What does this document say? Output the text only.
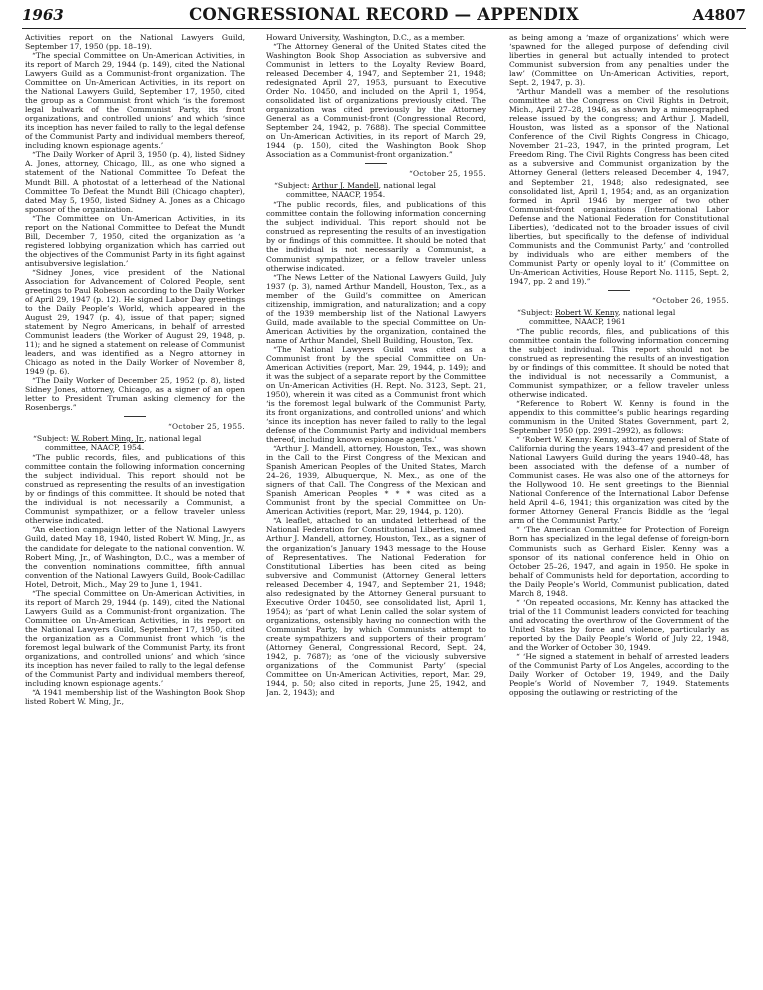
1963	CONGRESSIONAL RECORD — APPENDIX	A4807

Activities report on the National Lawyers Guild, September 17, 1950 (pp. 18–19).

“The special Committee on Un-American Activities, in its report of March 29, 1944 (p. 149), cited the National Lawyers Guild as a Communist-front organization. The Committee on Un-American Activities, in its report on the National Lawyers Guild, September 17, 1950, cited the group as a Communist front which ‘is the foremost legal bulwark of the Communist Party, its front organizations, and controlled unions’ and which ‘since its inception has never failed to rally to the legal defense of the Communist Party and individual members thereof, including known espionage agents.’

“The Daily Worker of April 3, 1950 (p. 4), listed Sidney A. Jones, attorney, Chicago, Ill., as one who signed a statement of the National Committee To Defeat the Mundt Bill. A photostat of a letterhead of the National Committee To Defeat the Mundt Bill (Chicago chapter), dated May 5, 1950, listed Sidney A. Jones as a Chicago sponsor of the organization.

“The Committee on Un-American Activities, in its report on the National Committee to Defeat the Mundt Bill, December 7, 1950, cited the organization as ‘a registered lobbying organization which has carried out the objectives of the Communist Party in its fight against antisubversive legislation.’

“Sidney Jones, vice president of the National Association for Advancement of Colored People, sent greetings to Paul Robeson according to the Daily Worker of April 29, 1947 (p. 12). He signed Labor Day greetings to the Daily People’s World, which appeared in the August 29, 1947 (p. 4), issue of that paper; signed statement by Negro Americans, in behalf of arrested Communist leaders (the Worker of August 29, 1948, p. 11); and he signed a statement on release of Communist leaders, and was identified as a Negro attorney in Chicago as noted in the Daily Worker of November 8, 1949 (p. 6).

“The Daily Worker of December 25, 1952 (p. 8), listed Sidney Jones, attorney, Chicago, as a signer of an open letter to President Truman asking clemency for the Rosenbergs.”

“October 25, 1955.

“Subject: W. Robert Ming, Jr., national legal
committee, NAACP, 1954.

“The public records, files, and publications of this committee contain the following information concerning the subject individual. This report should not be construed as representing the results of an investigation by or findings of this committee. It should be noted that the individual is not necessarily a Communist, a Communist sympathizer, or a fellow traveler unless otherwise indicated.

“An election campaign letter of the National Lawyers Guild, dated May 18, 1940, listed Robert W. Ming, Jr., as the candidate for delegate to the national convention. W. Robert Ming, Jr., of Washington, D.C., was a member of the convention nominations committee, fifth annual convention of the National Lawyers Guild, Book-Cadillac Hotel, Detroit, Mich., May 29 to June 1, 1941.

“The special Committee on Un-American Activities, in its report of March 29, 1944 (p. 149), cited the National Lawyers Guild as a Communist-front organization. The Committee on Un-American Activities, in its report on the National Lawyers Guild, September 17, 1950, cited the organization as a Communist front which ‘is the foremost legal bulwark of the Communist Party, its front organizations, and controlled unions’ and which ‘since its inception has never failed to rally to the legal defense of the Communist Party and individual members thereof, including known espionage agents.’

“A 1941 membership list of the Washington Book Shop listed Robert W. Ming, Jr.,

Howard University, Washington, D.C., as a member.

“The Attorney General of the United States cited the Washington Book Shop Association as subversive and Communist in letters to the Loyalty Review Board, released December 4, 1947, and September 21, 1948; redesignated April 27, 1953, pursuant to Executive Order No. 10450, and included on the April 1, 1954, consolidated list of organizations previously cited. The organization was cited previously by the Attorney General as a Communist-front (Congressional Record, September 24, 1942, p. 7688). The special Committee on Un-American Activities, in its report of March 29, 1944 (p. 150), cited the Washington Book Shop Association as a Communist-front organization.”

“October 25, 1955.

“Subject: Arthur J. Mandell, national legal
committee, NAACP, 1954.

“The public records, files, and publications of this committee contain the following information concerning the subject individual. This report should not be construed as representing the results of an investigation by or findings of this committee. It should be noted that the individual is not necessarily a Communist, a Communist sympathizer, or a fellow traveler unless otherwise indicated.

“The News Letter of the National Lawyers Guild, July 1937 (p. 3), named Arthur Mandell, Houston, Tex., as a member of the Guild’s committee on American citizenship, immigration, and naturalization; and a copy of the 1939 membership list of the National Lawyers Guild, made available to the special Committee on Un-American Activities by the organization, contained the name of Arthur Mandel, Shell Building, Houston, Tex.

“The National Lawyers Guild was cited as a Communist front by the special Committee on Un-American Activities (report, Mar. 29, 1944, p. 149); and it was the subject of a separate report by the Committee on Un-American Activities (H. Rept. No. 3123, Sept. 21, 1950), wherein it was cited as a Communist front which ‘is the foremost legal bulwark of the Communist Party, its front organizations, and controlled unions’ and which ‘since its inception has never failed to rally to the legal defense of the Communist Party and individual members thereof, including known espionage agents.’

“Arthur J. Mandell, attorney, Houston, Tex., was shown in the Call to the First Congress of the Mexican and Spanish American Peoples of the United States, March 24–26, 1939, Albuquerque, N. Mex., as one of the signers of that Call. The Congress of the Mexican and Spanish American Peoples * * * was cited as a Communist front by the special Committee on Un-American Activities (report, Mar. 29, 1944, p. 120).

“A leaflet, attached to an undated letterhead of the National Federation for Constitutional Liberties, named Arthur J. Mandell, attorney, Houston, Tex., as a signer of the organization’s January 1943 message to the House of Representatives. The National Federation for Constitutional Liberties has been cited as being subversive and Communist (Attorney General letters released December 4, 1947, and September 21, 1948; also redesignated by the Attorney General pursuant to Executive Order 10450, see consolidated list, April 1, 1954); as ‘part of what Lenin called the solar system of organizations, ostensibly having no connection with the Communist Party, by which Communists attempt to create sympathizers and supporters of their program’ (Attorney General, Congressional Record, Sept. 24, 1942, p. 7687); as ‘one of the viciously subversive organizations of the Communist Party’ (special Committee on Un-American Activities, report, Mar. 29, 1944, p. 50; also cited in reports, June 25, 1942, and Jan. 2, 1943); and

as being among a ‘maze of organizations’ which were ‘spawned for the alleged purpose of defending civil liberties in general but actually intended to protect Communist subversion from any penalties under the law’ (Committee on Un-American Activities, report, Sept. 2, 1947, p. 3).

“Arthur Mandell was a member of the resolutions committee at the Congress on Civil Rights in Detroit, Mich., April 27–28, 1946, as shown by a mimeographed release issued by the congress; and Arthur J. Madell, Houston, was listed as a sponsor of the National Conference of the Civil Rights Congress in Chicago, November 21–23, 1947, in the printed program, Let Freedom Ring. The Civil Rights Congress has been cited as a subversive and Communist organization by the Attorney General (letters released December 4, 1947, and September 21, 1948; also redesignated, see consolidated list, April 1, 1954; and, as an organization formed in April 1946 by merger of two other Communist-front organizations (International Labor Defense and the National Federation for Constitutional Liberties), ‘dedicated not to the broader issues of civil liberties, but specifically to the defense of individual Communists and the Communist Party,’ and ‘controlled by individuals who are either members of the Communist Party or openly loyal to it’ (Committee on Un-American Activities, House Report No. 1115, Sept. 2, 1947, pp. 2 and 19).”

“October 26, 1955.

“Subject: Robert W. Kenny, national legal
committee, NAACP, 1961

“The public records, files, and publications of this committee contain the following information concerning the subject individual. This report should not be construed as representing the results of an investigation by or findings of this committee. It should be noted that the individual is not necessarily a Communist, a Communist sympathizer, or a fellow traveler unless otherwise indicated.

“Reference to Robert W. Kenny is found in the appendix to this committee’s public hearings regarding communism in the United States Government, part 2, September 1950 (pp. 2991–2992), as follows:

“ ‘Robert W. Kenny: Kenny, attorney general of State of California during the years 1943–47 and president of the National Lawyers Guild during the years 1940–48, has been associated with the defense of a number of Communist cases. He was also one of the attorneys for the Hollywood 10. He sent greetings to the Biennial National Conference of the International Labor Defense held April 4–6, 1941; this organization was cited by the former Attorney General Francis Biddle as the ‘legal arm of the Communist Party.’

“ ‘The American Committee for Protection of Foreign Born has specialized in the legal defense of foreign-born Communists such as Gerhard Eisler. Kenny was a sponsor of its national conference held in Ohio on October 25–26, 1947, and again in 1950. He spoke in behalf of Communists held for deportation, according to the Daily People’s World, Communist publication, dated March 8, 1948.

“ ‘On repeated occasions, Mr. Kenny has attacked the trial of the 11 Communist leaders convicted for teaching and advocating the overthrow of the Government of the United States by force and violence, particularly as reported by the Daily People’s World of July 22, 1948, and the Worker of October 30, 1949.

“ ‘He signed a statement in behalf of arrested leaders of the Communist Party of Los Angeles, according to the Daily Worker of October 19, 1949, and the Daily People’s World of November 7, 1949. Statements opposing the outlawing or restricting of the
